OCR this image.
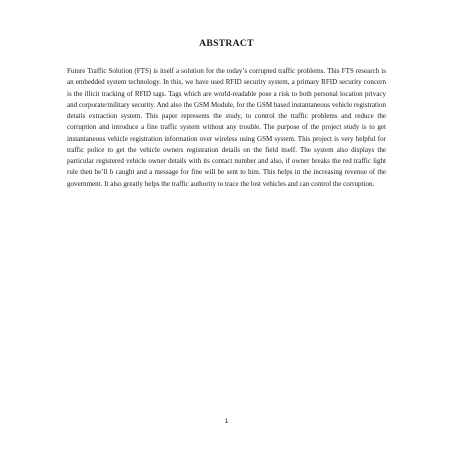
ABSTRACT

Future Traffic Solution (FTS) is itself a solution for the today’s corrupted traffic problems. This FTS research is an embedded system technology. In this, we have used RFID security system, a primary RFID security concern is the illicit tracking of RFID tags. Tags which are world-readable pose a risk to both personal location privacy and corporate/military security. And also the GSM Module, for the GSM based instantaneous vehicle registration details extraction system. This paper represents the study, to control the traffic problems and reduce the corruption and introduce a fine traffic system without any trouble. The purpose of the project study is to get instantaneous vehicle registration information over wireless using GSM system. This project is very helpful for traffic police to get the vehicle owners registration details on the field itself. The system also displays the particular registered vehicle owner details with its contact number and also, if owner breaks the red traffic light rule then he’ll b caught and a message for fine will be sent to him. This helps in the increasing revenue of the government. It also greatly helps the traffic authority to trace the lost vehicles and can control the corruption.

1
